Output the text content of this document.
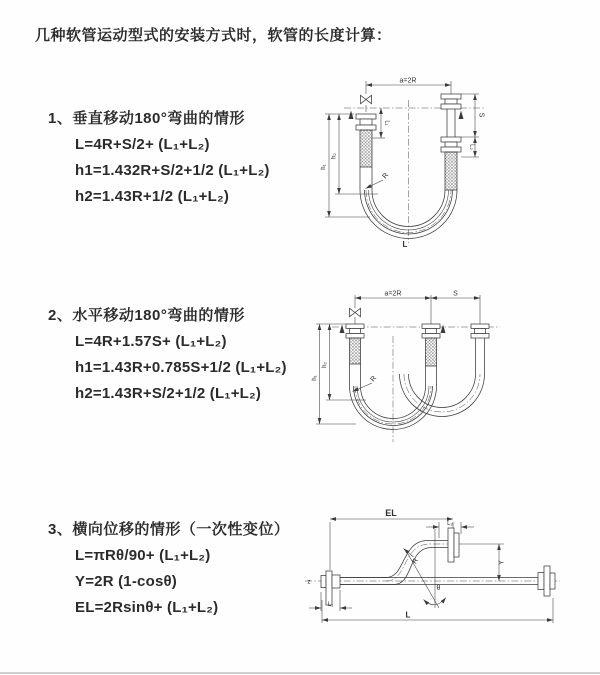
几种软管运动型式的安装方式时，软管的长度计算：
1、垂直移动180°弯曲的情形
L=4R+S/2+ (L₁+L₂)
h1=1.432R+S/2+1/2 (L₁+L₂)
h2=1.43R+1/2 (L₁+L₂)
a=2R
S
L₂
L₁
h₁
h₂
R
L
2、水平移动180°弯曲的情形
L=4R+1.57S+ (L₁+L₂)
h1=1.43R+0.785S+1/2 (L₁+L₂)
h2=1.43R+S/2+1/2 (L₁+L₂)
a=2R	S
h₁
h₂
R
3、横向位移的情形（一次性变位）
L=πRθ/90+ (L₁+L₂)
Y=2R (1-cosθ)
EL=2Rsinθ+ (L₁+L₂)
z
EL
L₂
Y
θ
R
L₁
L
